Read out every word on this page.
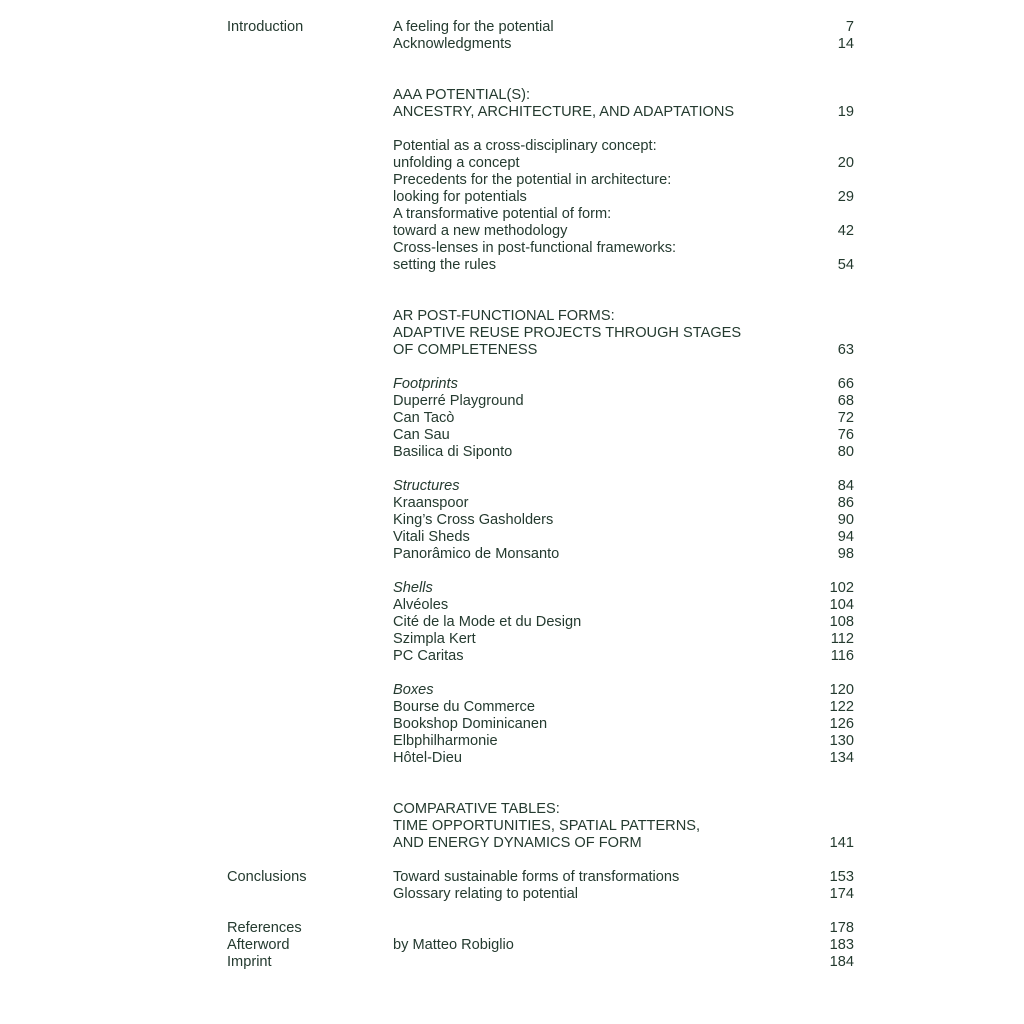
Introduction	A feeling for the potential	7
Acknowledgments	14
AAA POTENTIAL(S):
ANCESTRY, ARCHITECTURE, AND ADAPTATIONS	19
Potential as a cross-disciplinary concept:
unfolding a concept	20
Precedents for the potential in architecture:
looking for potentials	29
A transformative potential of form:
toward a new methodology	42
Cross-lenses in post-functional frameworks:
setting the rules	54
AR POST-FUNCTIONAL FORMS:
ADAPTIVE REUSE PROJECTS THROUGH STAGES
OF COMPLETENESS	63
Footprints	66
Duperré Playground	68
Can Tacò	72
Can Sau	76
Basilica di Siponto	80
Structures	84
Kraanspoor	86
King’s Cross Gasholders	90
Vitali Sheds	94
Panorâmico de Monsanto	98
Shells	102
Alvéoles	104
Cité de la Mode et du Design	108
Szimpla Kert	112
PC Caritas	116
Boxes	120
Bourse du Commerce	122
Bookshop Dominicanen	126
Elbphilharmonie	130
Hôtel-Dieu	134
COMPARATIVE TABLES:
TIME OPPORTUNITIES, SPATIAL PATTERNS,
AND ENERGY DYNAMICS OF FORM	141
Conclusions	Toward sustainable forms of transformations	153
Glossary relating to potential	174
References	178
Afterword	by Matteo Robiglio	183
Imprint	184
